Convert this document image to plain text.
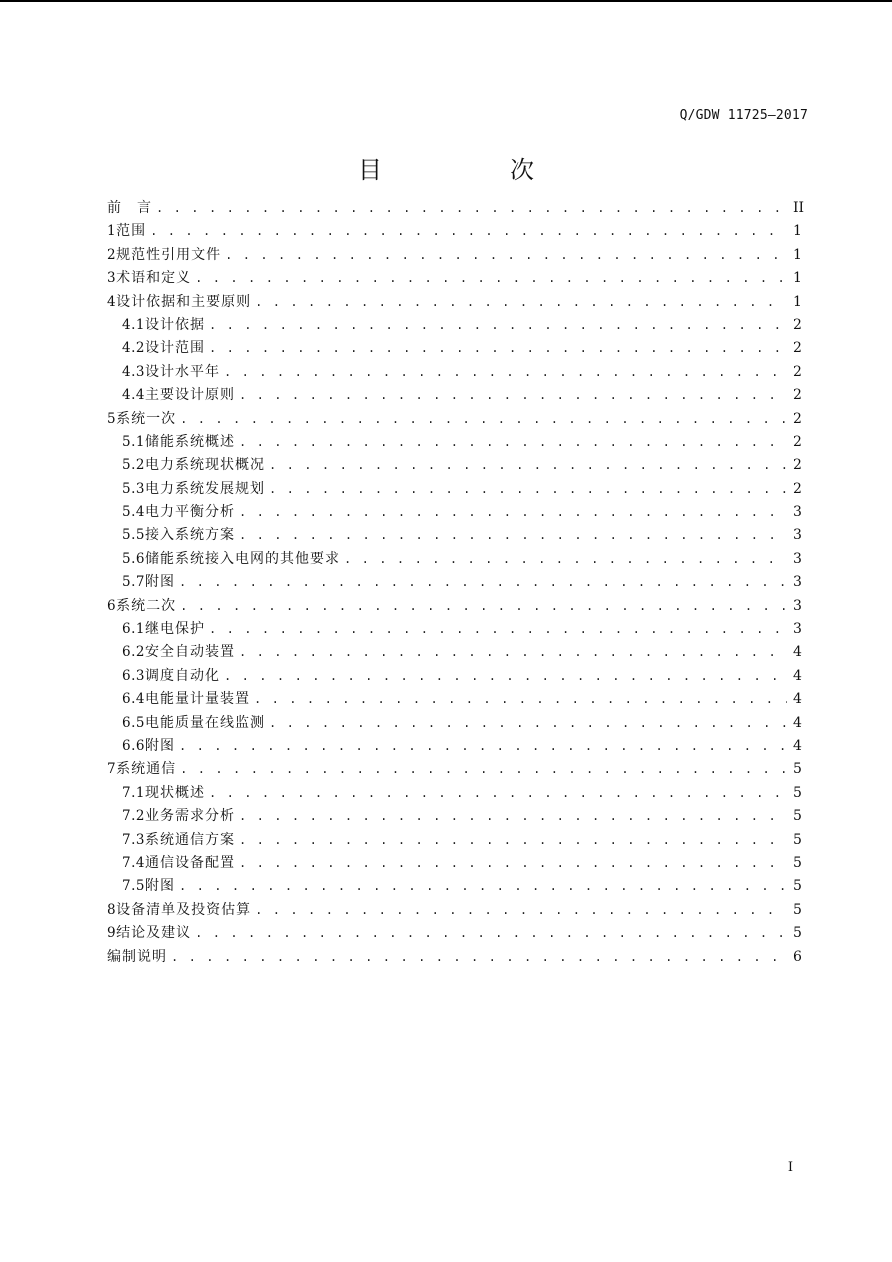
Q/GDW 11725—2017
目　次
前　言 . . .	II
1 范围 . . .	1
2 规范性引用文件 . . .	1
3 术语和定义 . . .	1
4 设计依据和主要原则 . . .	1
4.1 设计依据 . . .	2
4.2 设计范围 . . .	2
4.3 设计水平年 . . .	2
4.4 主要设计原则 . . .	2
5 系统一次 . . .	2
5.1 储能系统概述 . . .	2
5.2 电力系统现状概况 . . .	2
5.3 电力系统发展规划 . . .	2
5.4 电力平衡分析 . . .	3
5.5 接入系统方案 . . .	3
5.6 储能系统接入电网的其他要求 . . .	3
5.7 附图 . . .	3
6 系统二次 . . .	3
6.1 继电保护 . . .	3
6.2 安全自动装置 . . .	4
6.3 调度自动化 . . .	4
6.4 电能量计量装置 . . .	4
6.5 电能质量在线监测 . . .	4
6.6 附图 . . .	4
7 系统通信 . . .	5
7.1 现状概述 . . .	5
7.2 业务需求分析 . . .	5
7.3 系统通信方案 . . .	5
7.4 通信设备配置 . . .	5
7.5 附图 . . .	5
8 设备清单及投资估算 . . .	5
9 结论及建议 . . .	5
编制说明 . . .	6
I
